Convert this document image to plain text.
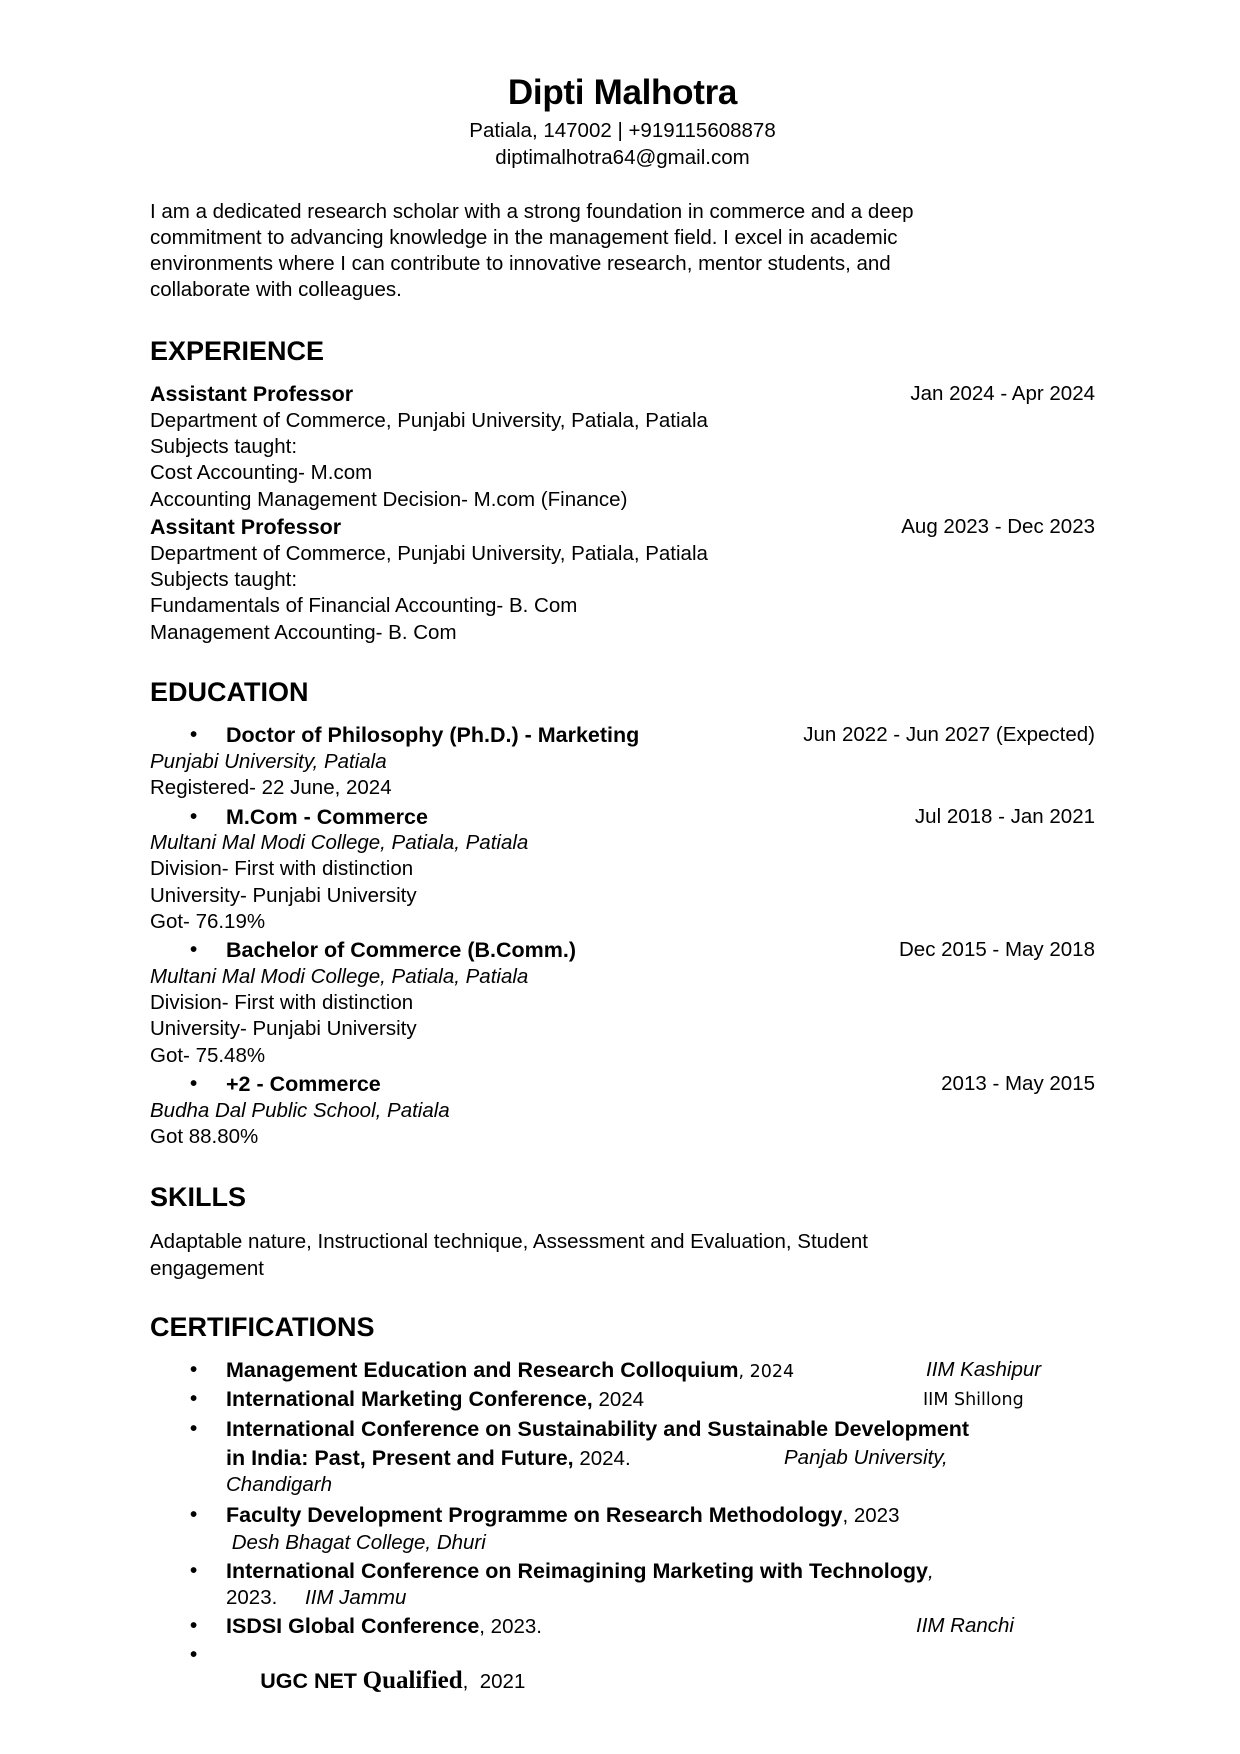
Dipti Malhotra
Patiala, 147002 | +919115608878
diptimalhotra64@gmail.com
I am a dedicated research scholar with a strong foundation in commerce and a deep
commitment to advancing knowledge in the management field. I excel in academic
environments where I can contribute to innovative research, mentor students, and
collaborate with colleagues.
EXPERIENCE
Assistant Professor	Jan 2024 - Apr 2024
Department of Commerce, Punjabi University, Patiala, Patiala
Subjects taught:
Cost Accounting- M.com
Accounting Management Decision- M.com (Finance)
Assitant Professor	Aug 2023 - Dec 2023
Department of Commerce, Punjabi University, Patiala, Patiala
Subjects taught:
Fundamentals of Financial Accounting- B. Com
Management Accounting- B. Com
EDUCATION
• Doctor of Philosophy (Ph.D.) - Marketing	Jun 2022 - Jun 2027 (Expected)
Punjabi University, Patiala
Registered- 22 June, 2024
• M.Com - Commerce	Jul 2018 - Jan 2021
Multani Mal Modi College, Patiala, Patiala
Division- First with distinction
University- Punjabi University
Got- 76.19%
• Bachelor of Commerce (B.Comm.)	Dec 2015 - May 2018
Multani Mal Modi College, Patiala, Patiala
Division- First with distinction
University- Punjabi University
Got- 75.48%
• +2 - Commerce	2013 - May 2015
Budha Dal Public School, Patiala
Got 88.80%
SKILLS
Adaptable nature, Instructional technique, Assessment and Evaluation, Student
engagement
CERTIFICATIONS
• Management Education and Research Colloquium, 2024	IIM Kashipur
• International Marketing Conference, 2024	IIM Shillong
• International Conference on Sustainability and Sustainable Development
in India: Past, Present and Future, 2024.	Panjab University,
Chandigarh
• Faculty Development Programme on Research Methodology, 2023
Desh Bhagat College, Dhuri
• International Conference on Reimagining Marketing with Technology,
2023. IIM Jammu
• ISDSI Global Conference, 2023.	IIM Ranchi
•

UGC NET Qualified,  2021
